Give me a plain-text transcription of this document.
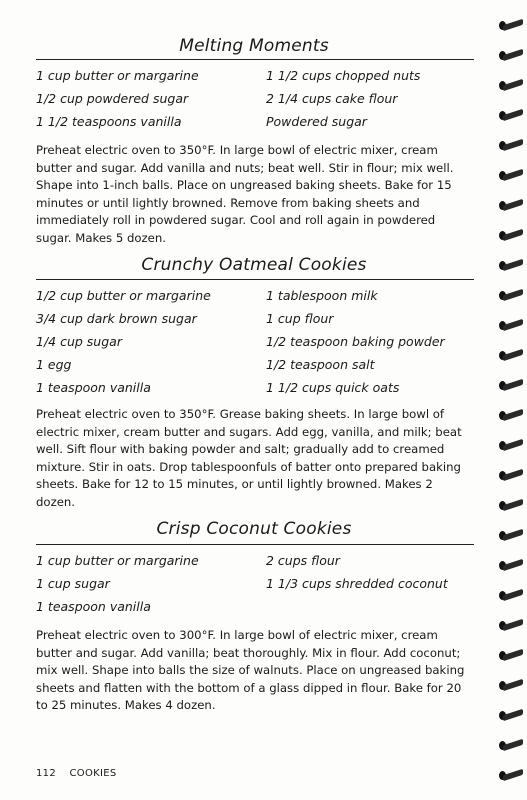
Melting Moments
1 cup butter or margarine
1/2 cup powdered sugar
1 1/2 teaspoons vanilla
1 1/2 cups chopped nuts
2 1/4 cups cake flour
Powdered sugar

Preheat electric oven to 350°F. In large bowl of electric mixer, cream butter and sugar. Add vanilla and nuts; beat well. Stir in flour; mix well. Shape into 1-inch balls. Place on ungreased baking sheets. Bake for 15 minutes or until lightly browned. Remove from baking sheets and immediately roll in powdered sugar. Cool and roll again in powdered sugar. Makes 5 dozen.

Crunchy Oatmeal Cookies
1/2 cup butter or margarine
3/4 cup dark brown sugar
1/4 cup sugar
1 egg
1 teaspoon vanilla
1 tablespoon milk
1 cup flour
1/2 teaspoon baking powder
1/2 teaspoon salt
1 1/2 cups quick oats

Preheat electric oven to 350°F. Grease baking sheets. In large bowl of electric mixer, cream butter and sugars. Add egg, vanilla, and milk; beat well. Sift flour with baking powder and salt; gradually add to creamed mixture. Stir in oats. Drop tablespoonfuls of batter onto prepared baking sheets. Bake for 12 to 15 minutes, or until lightly browned. Makes 2 dozen.

Crisp Coconut Cookies
1 cup butter or margarine
1 cup sugar
1 teaspoon vanilla
2 cups flour
1 1/3 cups shredded coconut

Preheat electric oven to 300°F. In large bowl of electric mixer, cream butter and sugar. Add vanilla; beat thoroughly. Mix in flour. Add coconut; mix well. Shape into balls the size of walnuts. Place on ungreased baking sheets and flatten with the bottom of a glass dipped in flour. Bake for 20 to 25 minutes. Makes 4 dozen.

112 COOKIES
